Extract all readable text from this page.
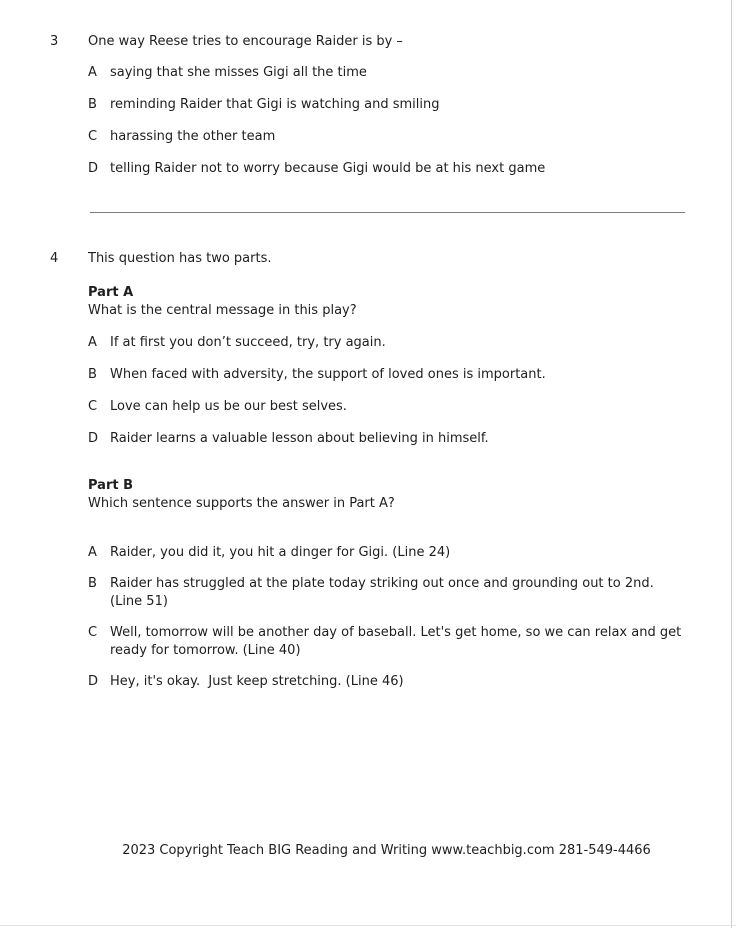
3	One way Reese tries to encourage Raider is by –
A	saying that she misses Gigi all the time
B	reminding Raider that Gigi is watching and smiling
C harassing the other team
D telling Raider not to worry because Gigi would be at his next game
4	This question has two parts.
Part A
What is the central message in this play?
A	If at first you don’t succeed, try, try again.
B	When faced with adversity, the support of loved ones is important.
C Love can help us be our best selves.
D Raider learns a valuable lesson about believing in himself.
Part B
Which sentence supports the answer in Part A?
A	Raider, you did it, you hit a dinger for Gigi. (Line 24)
B	Raider has struggled at the plate today striking out once and grounding out to 2nd. (Line 51)
C Well, tomorrow will be another day of baseball. Let's get home, so we can relax and get ready for tomorrow. (Line 40)
D Hey, it's okay.  Just keep stretching. (Line 46)
2023 Copyright Teach BIG Reading and Writing www.teachbig.com 281-549-4466
